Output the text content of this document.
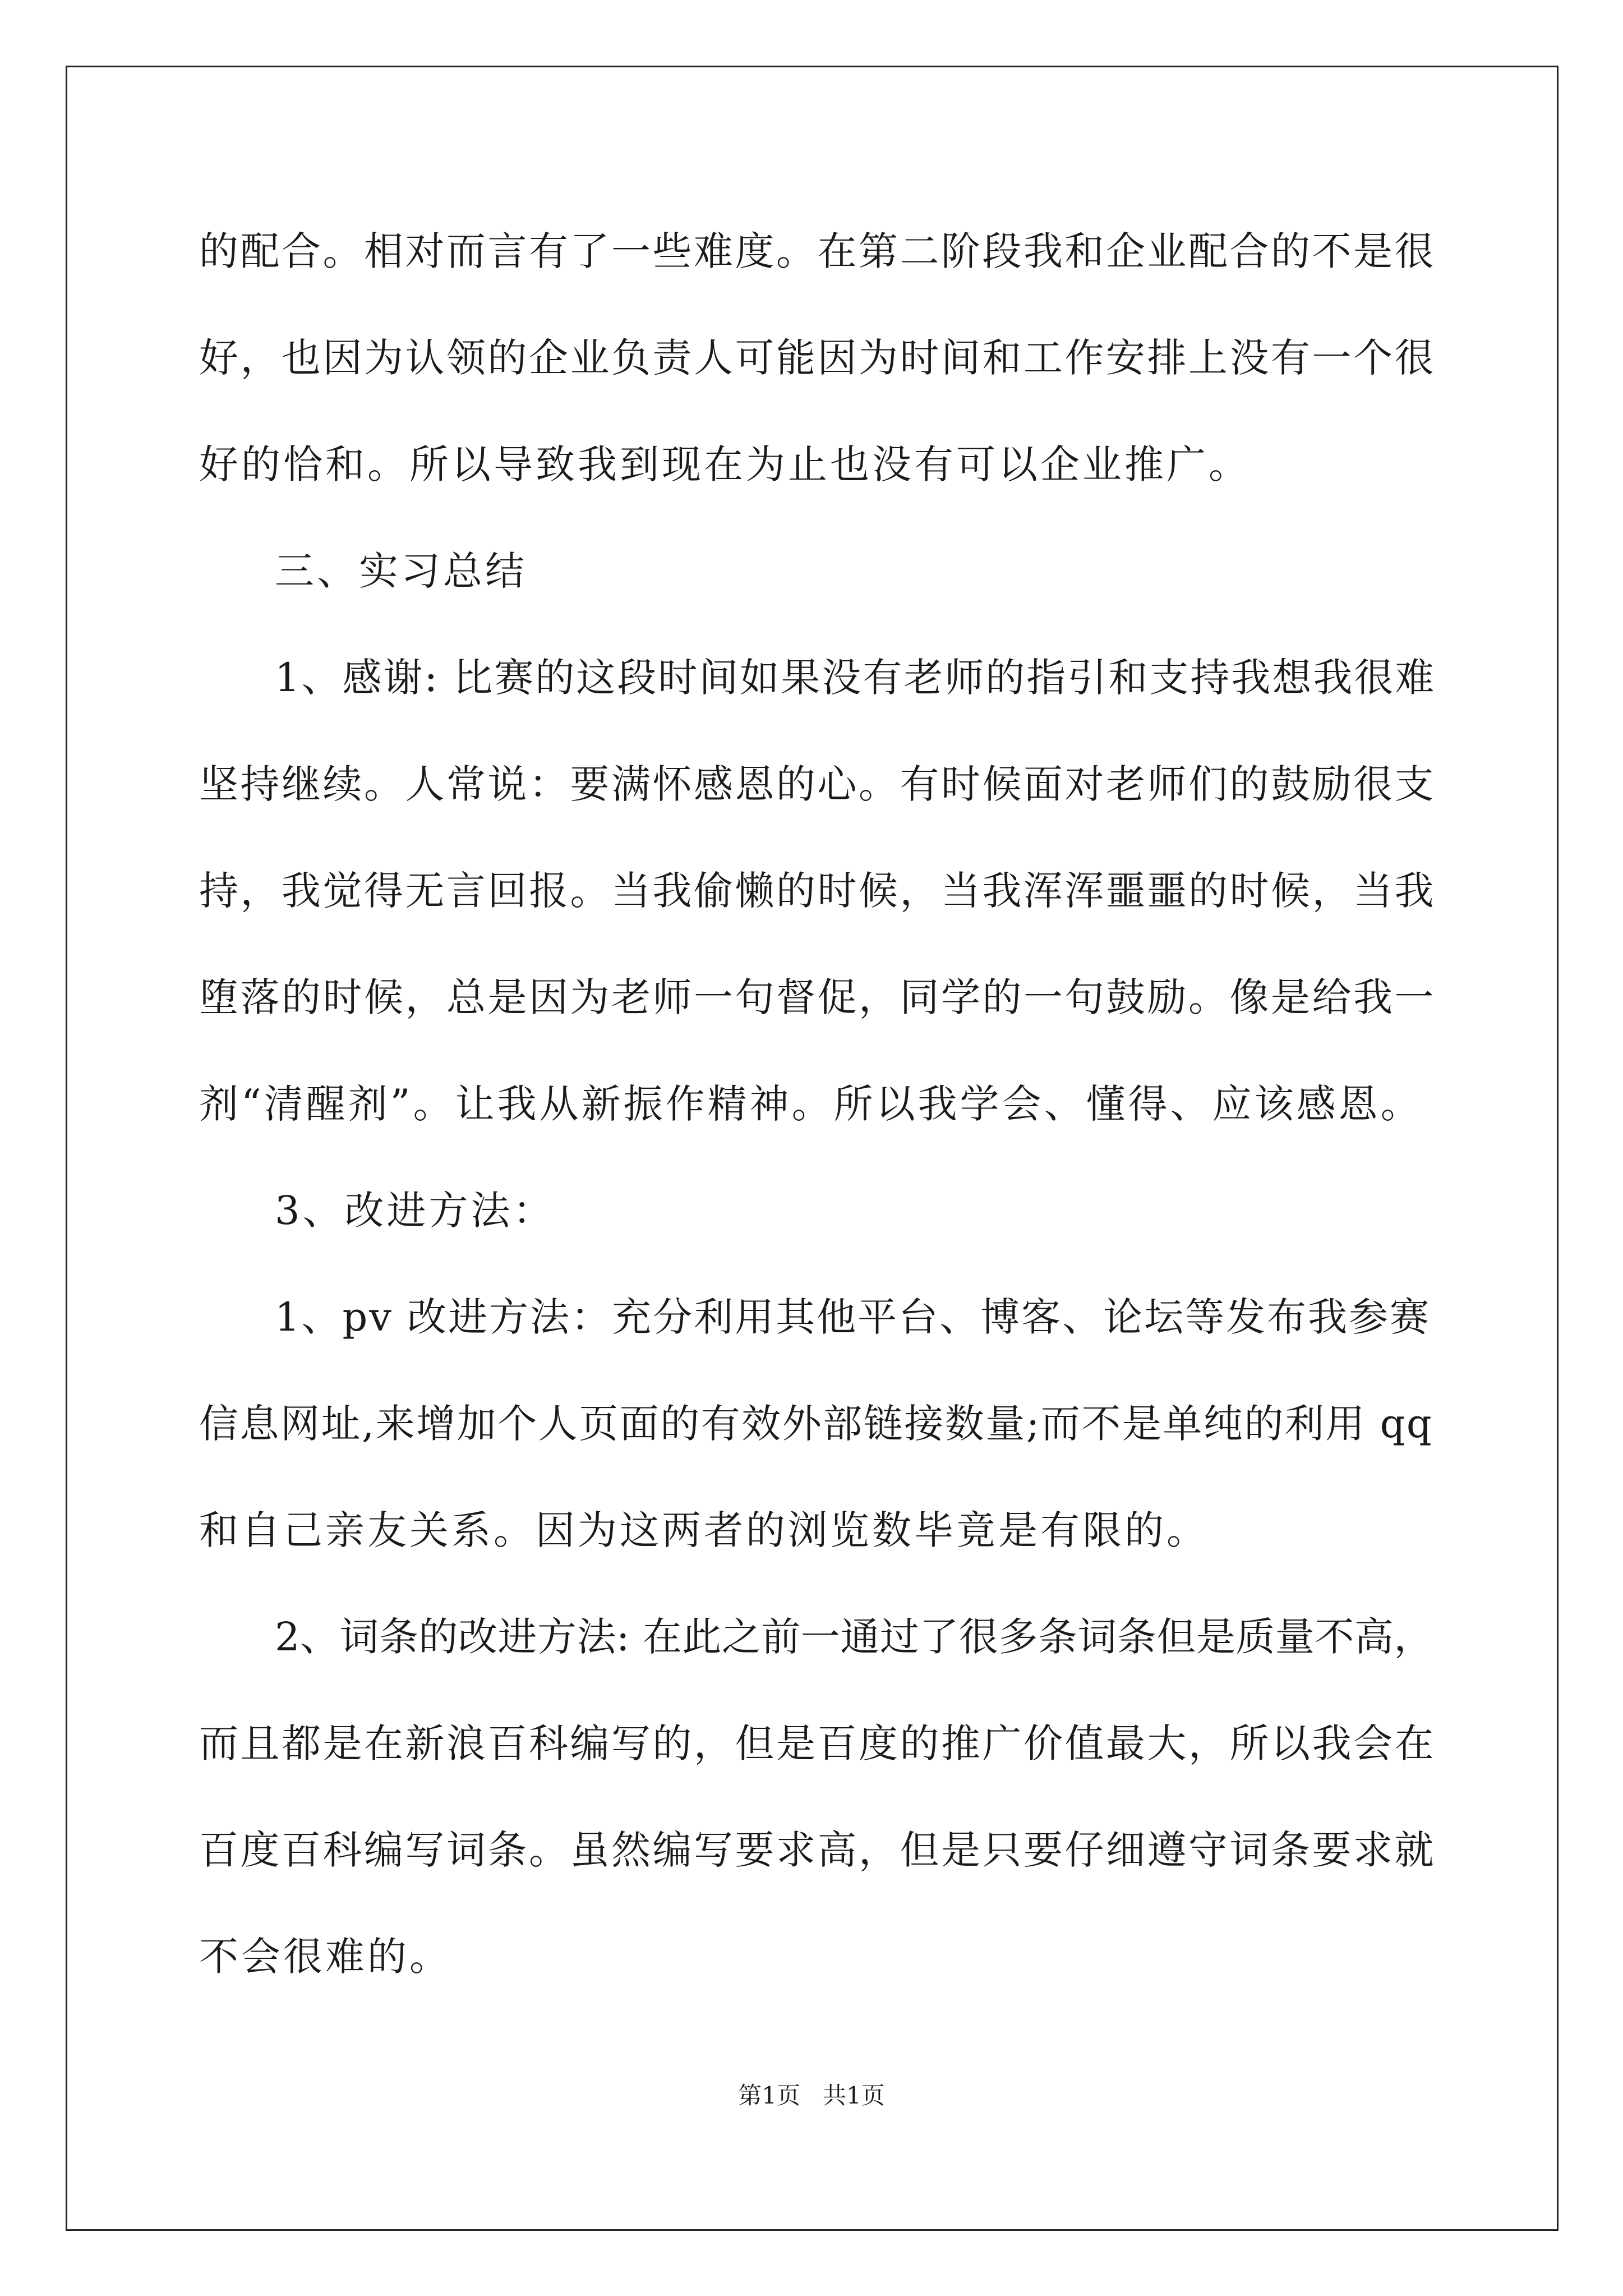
的配合。相对而言有了一些难度。在第二阶段我和企业配合的不是很
好，也因为认领的企业负责人可能因为时间和工作安排上没有一个很
好的恰和。所以导致我到现在为止也没有可以企业推广。
三、实习总结
1、感谢: 比赛的这段时间如果没有老师的指引和支持我想我很难
坚持继续。人常说：要满怀感恩的心。有时候面对老师们的鼓励很支
持，我觉得无言回报。当我偷懒的时候，当我浑浑噩噩的时候，当我
堕落的时候，总是因为老师一句督促，同学的一句鼓励。像是给我一
剂“清醒剂”。让我从新振作精神。所以我学会、懂得、应该感恩。
3、改进方法：
1、pv 改进方法：充分利用其他平台、博客、论坛等发布我参赛
信息网址,来增加个人页面的有效外部链接数量;而不是单纯的利用 qq
和自己亲友关系。因为这两者的浏览数毕竟是有限的。
2、词条的改进方法: 在此之前一通过了很多条词条但是质量不高，
而且都是在新浪百科编写的，但是百度的推广价值最大，所以我会在
百度百科编写词条。虽然编写要求高，但是只要仔细遵守词条要求就
不会很难的。
第1页   共1页
